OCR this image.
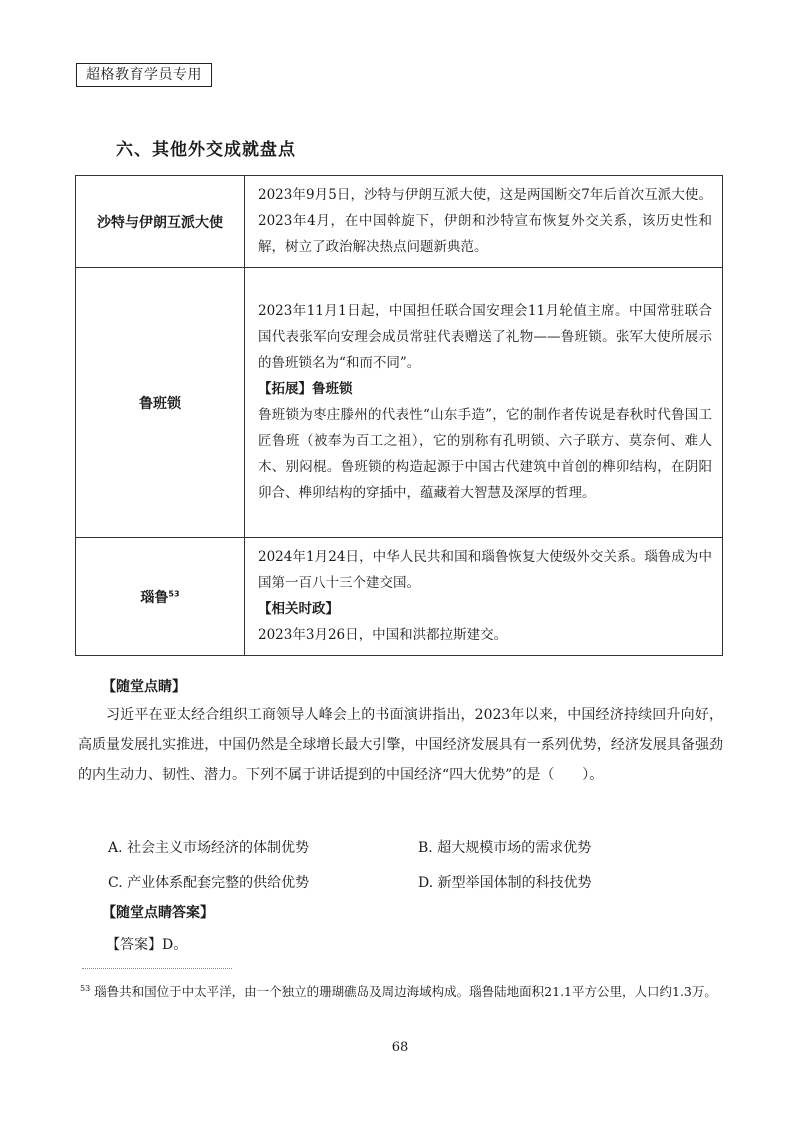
超格教育学员专用
六、其他外交成就盘点
沙特与伊朗互派大使	2023年9月5日，沙特与伊朗互派大使，这是两国断交7年后首次互派大使。2023年4月，在中国斡旋下，伊朗和沙特宣布恢复外交关系，该历史性和解，树立了政治解决热点问题新典范。

鲁班锁	2023年11月1日起，中国担任联合国安理会11月轮值主席。中国常驻联合国代表张军向安理会成员常驻代表赠送了礼物——鲁班锁。张军大使所展示的鲁班锁名为“和而不同”。

【拓展】鲁班锁

鲁班锁为枣庄滕州的代表性“山东手造”，它的制作者传说是春秋时代鲁国工匠鲁班（被奉为百工之祖），它的别称有孔明锁、六子联方、莫奈何、难人木、别闷棍。鲁班锁的构造起源于中国古代建筑中首创的榫卯结构，在阴阳卯合、榫卯结构的穿插中，蕴藏着大智慧及深厚的哲理。

瑙鲁$^{53}$	2024年1月24日，中华人民共和国和瑙鲁恢复大使级外交关系。瑙鲁成为中国第一百八十三个建交国。

【相关时政】

2023年3月26日，中国和洪都拉斯建交。

【随堂点睛】
习近平在亚太经合组织工商领导人峰会上的书面演讲指出，2023年以来，中国经济持续回升向好，高质量发展扎实推进，中国仍然是全球增长最大引擎，中国经济发展具有一系列优势，经济发展具备强劲的内生动力、韧性、潜力。下列不属于讲话提到的中国经济“四大优势”的是（　　）。
A. 社会主义市场经济的体制优势	B. 超大规模市场的需求优势
C. 产业体系配套完整的供给优势	D. 新型举国体制的科技优势
【随堂点睛答案】
【答案】D。
$^{53}$ 瑙鲁共和国位于中太平洋，由一个独立的珊瑚礁岛及周边海域构成。瑙鲁陆地面积21.1平方公里，人口约1.3万。
68
